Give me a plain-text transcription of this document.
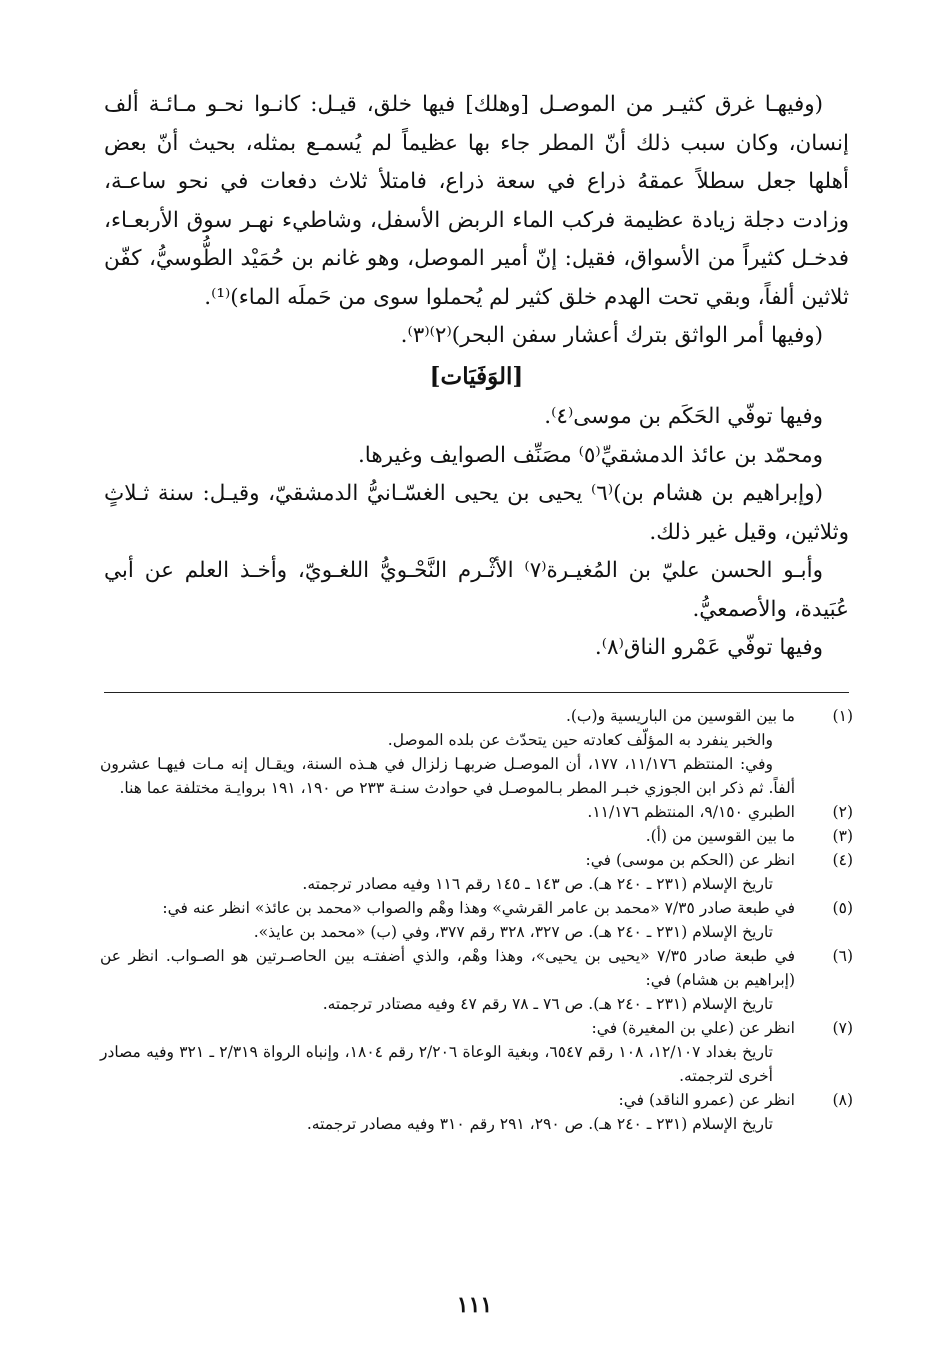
(وفيهـا غرق كثيـر من الموصـل [وهلك] فيها خلق، قيـل: كانـوا نحـو مـائـة ألف إنسان، وكان سبب ذلك أنّ المطر جاء بها عظيماً لم يُسمـع بمثله، بحيث أنّ بعض أهلها جعل سطلاً عمقهُ ذراع في سعة ذراع، فامتلأ ثلاث دفعات في نحو ساعـة، وزادت دجلة زيادة عظيمة فركب الماء الربض الأسفل، وشاطيء نهـر سوق الأربعـاء، فدخـل كثيراً من الأسواق، فقيل: إنّ أمير الموصل، وهو غانم بن حُمَيْد الطُّوسيُّ، كفّن ثلاثين ألفاً، وبقي تحت الهدم خلق كثير لم يُحملوا سوى من حَملَه الماء)⁽¹⁾.

(وفيها أمر الواثق بترك أعشار سفن البحر)⁽٢⁾⁽٣⁾.

[الوَفَيَات]

وفيها توفّي الحَكَم بن موسى⁽٤⁾.

ومحمّد بن عائذ الدمشقيِّ⁽٥⁾ مصَنِّف الصوايف وغيرها.

(وإبراهيم بن هشام بن)⁽٦⁾ يحيى بن يحيى الغسّـانيُّ الدمشقيّ، وقيـل: سنة ثـلاثٍ وثلاثين، وقيل غير ذلك.

وأبـو الحسن عليّ بن المُغيـرة⁽٧⁾ الأثْـرم النَّحْـويُّ اللغـويّ، وأخـذ العلم عن أبي عُبَيدة، والأصمعيُّ.

وفيها توفّي عَمْرو الناق⁽٨⁾.

(١)

ما بين القوسين من الباريسية و(ب).

والخبر ينفرد به المؤلّف كعادته حين يتحدّث عن بلده الموصل.

وفي: المنتظم ١١/١٧٦، ١٧٧، أن الموصـل ضربهـا زلزال في هـذه السنة، ويقـال إنه مـات فيهـا عشرون ألفاً. ثم ذكر ابن الجوزي خبـر المطر بـالموصـل في حوادث سنـة ٢٣٣ ص ١٩٠، ١٩١ بروايـة مختلفة عما هنا.

(٢)

الطبري ٩/١٥٠، المنتظم ١١/١٧٦.

(٣)

ما بين القوسين من (أ).

(٤)

انظر عن (الحكم بن موسى) في:

تاريخ الإسلام (٢٣١ ـ ٢٤٠ هـ). ص ١٤٣ ـ ١٤٥ رقم ١١٦ وفيه مصادر ترجمته.

(٥)

في طبعة صادر ٧/٣٥ «محمد بن عامر القرشي» وهذا وهْم والصواب «محمد بن عائذ» انظر عنه في:

تاريخ الإسلام (٢٣١ ـ ٢٤٠ هـ). ص ٣٢٧، ٣٢٨ رقم ٣٧٧، وفي (ب) «محمد بن عايذ».

(٦)

في طبعة صادر ٧/٣٥ «يحيى بن يحيى»، وهذا وهْم، والذي أضفتـه بين الحاصـرتين هو الصـواب. انظر عن (إبراهيم بن هشام) في:

تاريخ الإسلام (٢٣١ ـ ٢٤٠ هـ). ص ٧٦ ـ ٧٨ رقم ٤٧ وفيه مصتادر ترجمته.

(٧)

انظر عن (علي بن المغيرة) في:

تاريخ بغداد ١٢/١٠٧، ١٠٨ رقم ٦٥٤٧، وبغية الوعاة ٢/٢٠٦ رقم ١٨٠٤، وإنباه الرواة ٢/٣١٩ ـ ٣٢١ وفيه مصادر أخرى لترجمته.

(٨)

انظر عن (عمرو الناقد) في:

تاريخ الإسلام (٢٣١ ـ ٢٤٠ هـ). ص ٢٩٠، ٢٩١ رقم ٣١٠ وفيه مصادر ترجمته.

١١١
